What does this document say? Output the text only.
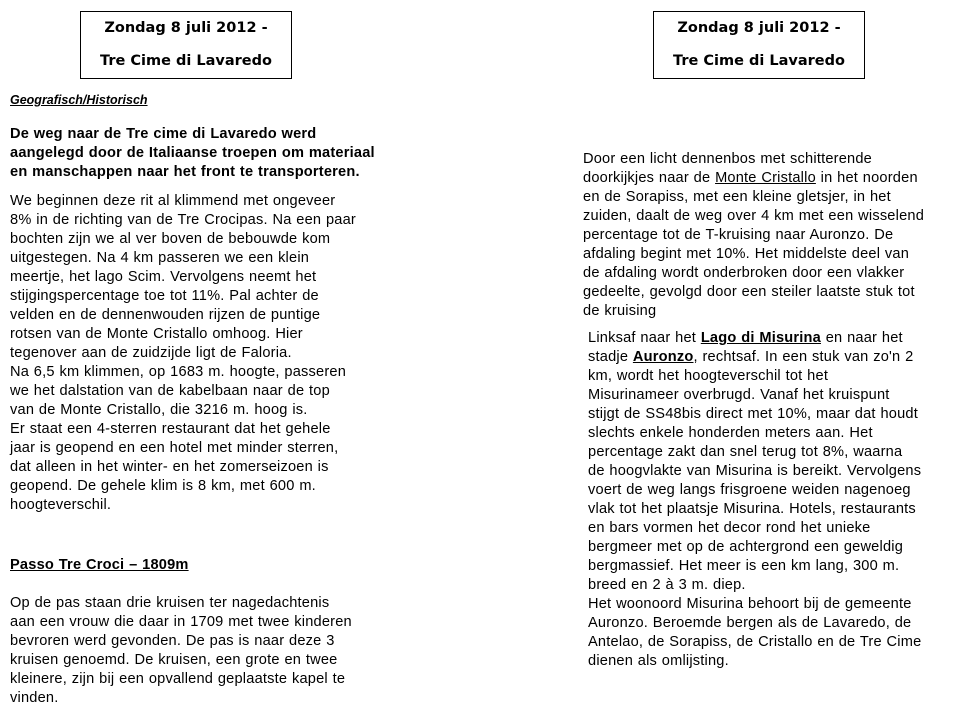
Zondag 8 juli 2012 -
Tre Cime di Lavaredo
Zondag 8 juli 2012 -
Tre Cime di Lavaredo
Geografisch/Historisch

De weg naar de Tre cime di Lavaredo werd
aangelegd door de Italiaanse troepen om materiaal
en manschappen naar het front te transporteren.

We beginnen deze rit al klimmend met ongeveer
8% in de richting van de Tre Crocipas. Na een paar
bochten zijn we al ver boven de bebouwde kom
uitgestegen. Na 4 km passeren we een klein
meertje, het lago Scim. Vervolgens neemt het
stijgingspercentage toe tot 11%. Pal achter de
velden en de dennenwouden rijzen de puntige
rotsen van de Monte Cristallo omhoog. Hier
tegenover aan de zuidzijde ligt de Faloria.
Na 6,5 km klimmen, op 1683 m. hoogte, passeren
we het dalstation van de kabelbaan naar de top
van de Monte Cristallo, die 3216 m. hoog is.
Er staat een 4-sterren restaurant dat het gehele
jaar is geopend en een hotel met minder sterren,
dat alleen in het winter- en het zomerseizoen is
geopend. De gehele klim is 8 km, met 600 m.
hoogteverschil.

Passo Tre Croci – 1809m

Op de pas staan drie kruisen ter nagedachtenis
aan een vrouw die daar in 1709 met twee kinderen
bevroren werd gevonden. De pas is naar deze 3
kruisen genoemd. De kruisen, een grote en twee
kleinere, zijn bij een opvallend geplaatste kapel te
vinden.

Door een licht dennenbos met schitterende
doorkijkjes naar de Monte Cristallo in het noorden
en de Sorapiss, met een kleine gletsjer, in het
zuiden, daalt de weg over 4 km met een wisselend
percentage tot de T-kruising naar Auronzo. De
afdaling begint met 10%. Het middelste deel van
de afdaling wordt onderbroken door een vlakker
gedeelte, gevolgd door een steiler laatste stuk tot
de kruising

Linksaf naar het Lago di Misurina en naar het
stadje Auronzo, rechtsaf. In een stuk van zo'n 2
km, wordt het hoogteverschil tot het
Misurinameer overbrugd. Vanaf het kruispunt
stijgt de SS48bis direct met 10%, maar dat houdt
slechts enkele honderden meters aan. Het
percentage zakt dan snel terug tot 8%, waarna
de hoogvlakte van Misurina is bereikt. Vervolgens
voert de weg langs frisgroene weiden nagenoeg
vlak tot het plaatsje Misurina. Hotels, restaurants
en bars vormen het decor rond het unieke
bergmeer met op de achtergrond een geweldig
bergmassief. Het meer is een km lang, 300 m.
breed en 2 à 3 m. diep.
Het woonoord Misurina behoort bij de gemeente
Auronzo. Beroemde bergen als de Lavaredo, de
Antelao, de Sorapiss, de Cristallo en de Tre Cime
dienen als omlijsting.
